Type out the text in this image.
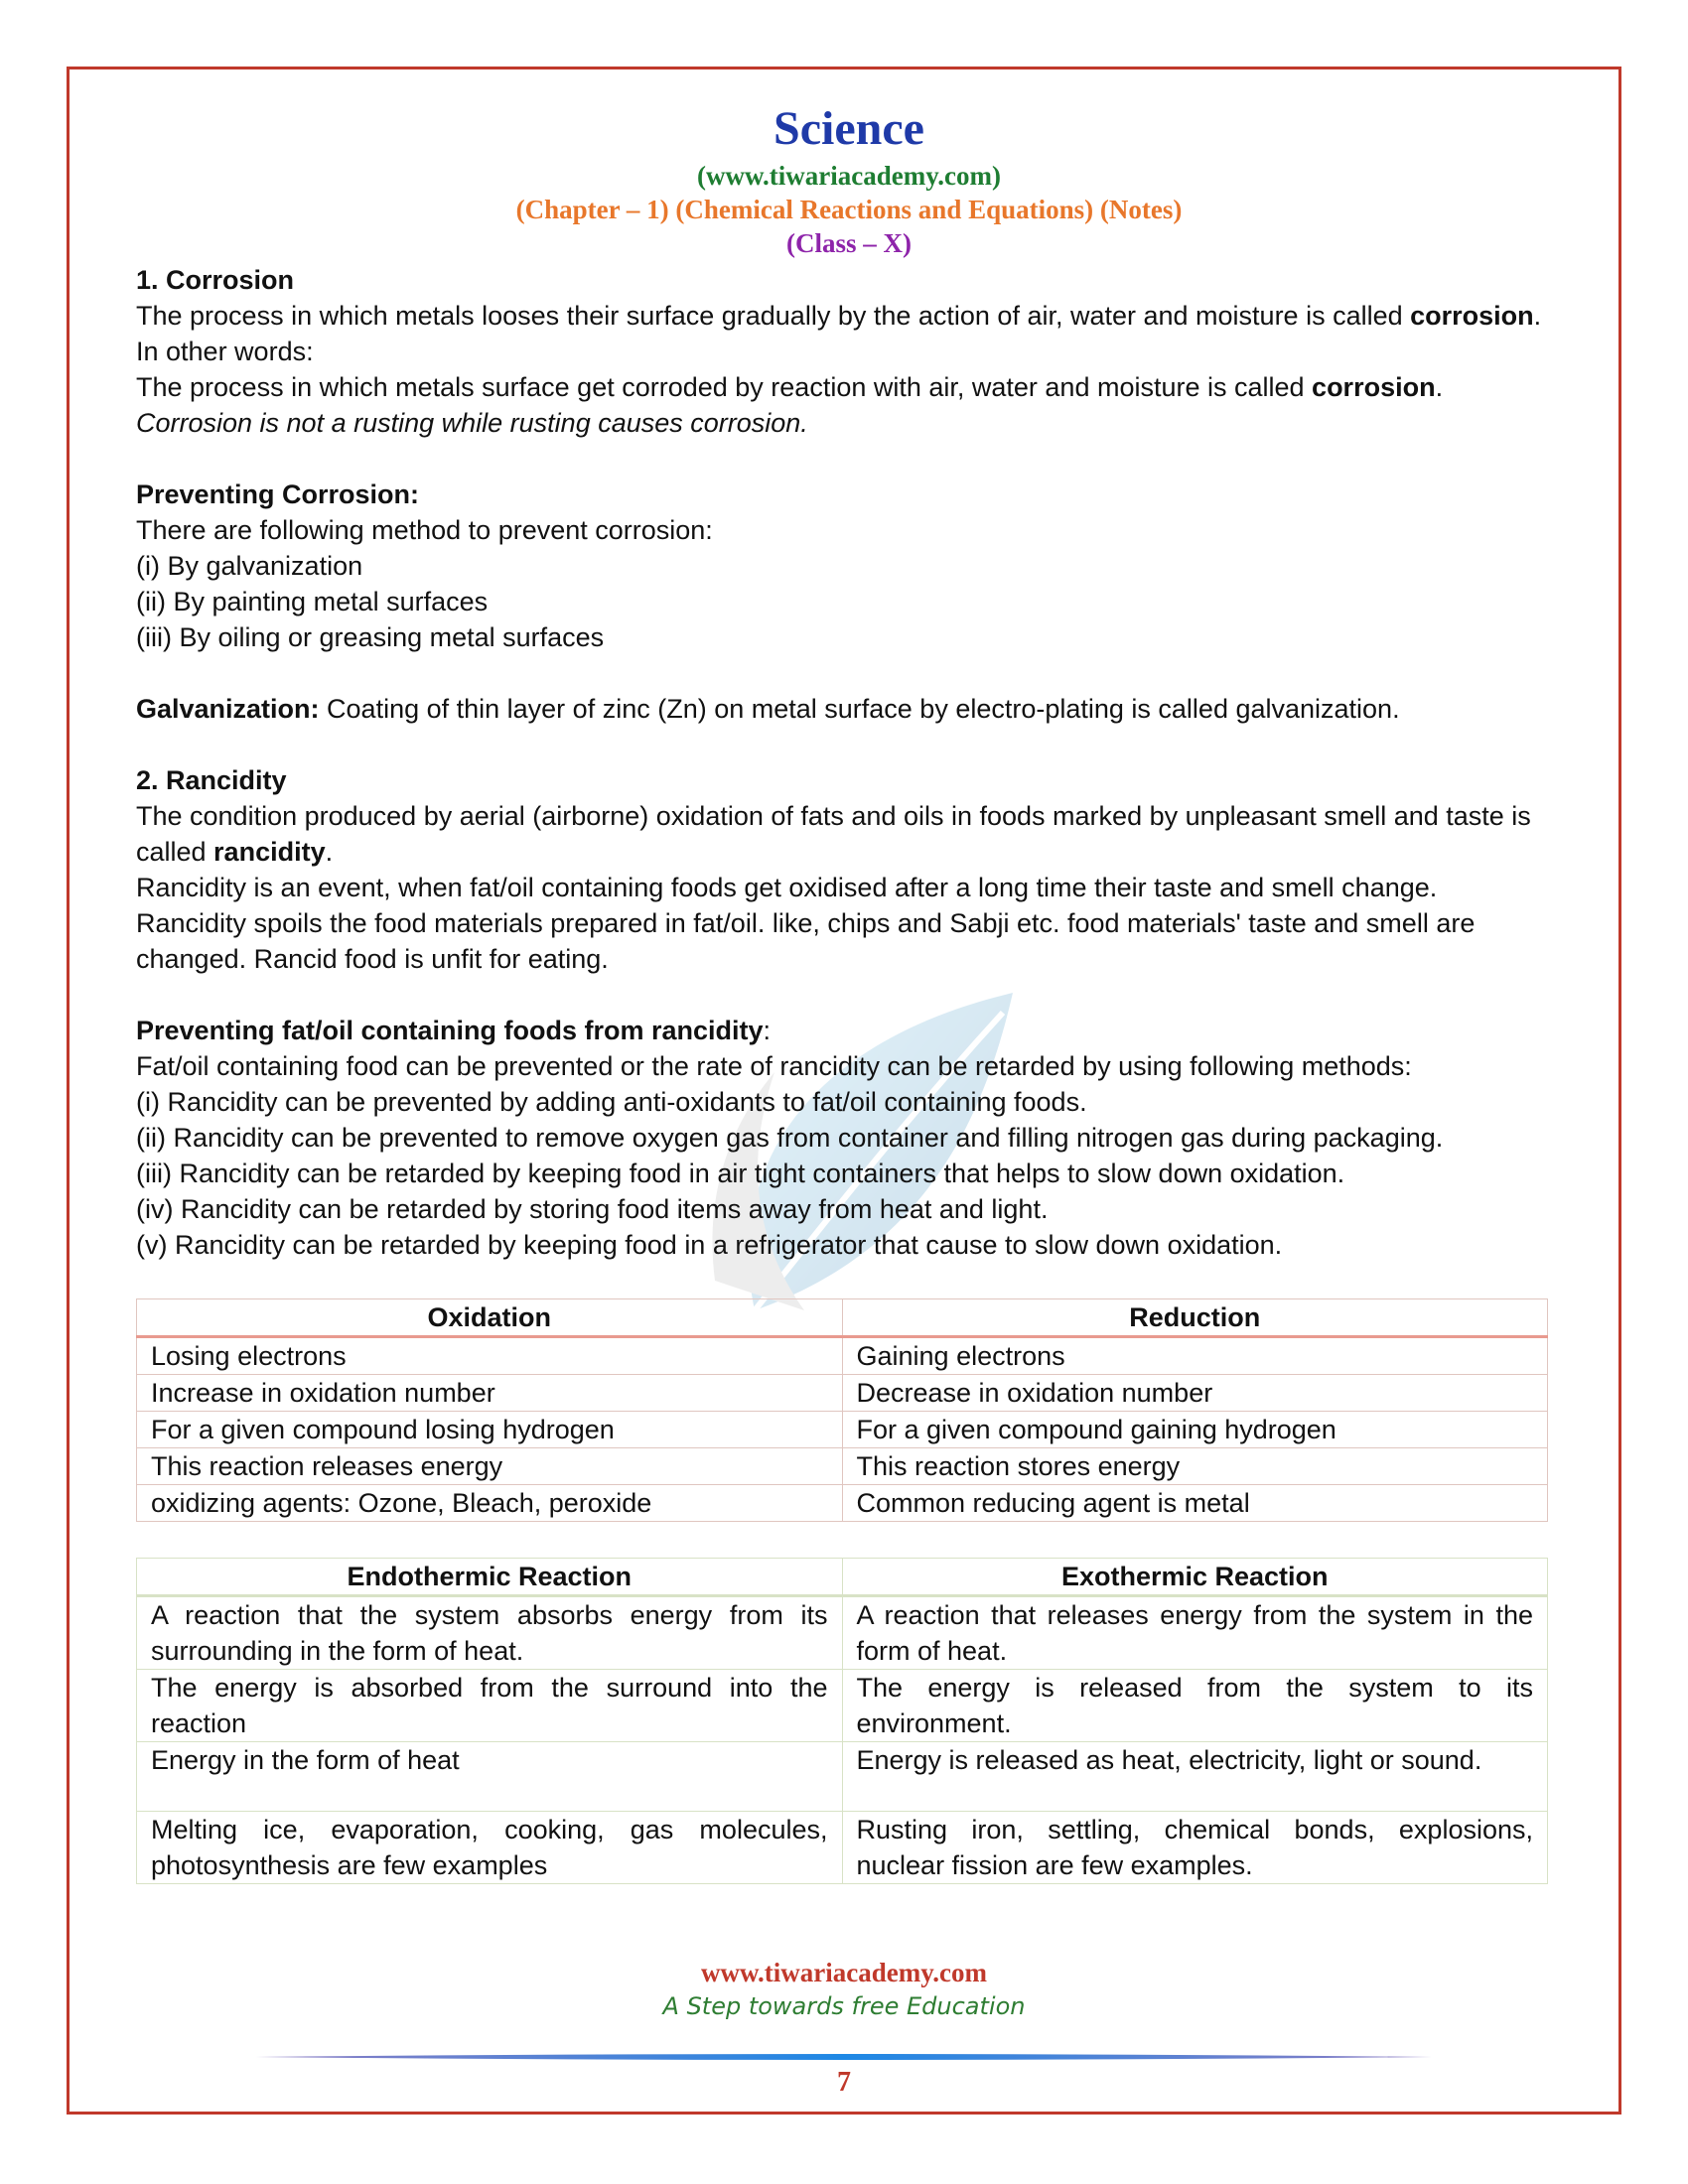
Science
(www.tiwariacademy.com)
(Chapter – 1) (Chemical Reactions and Equations) (Notes)
(Class – X)

1. Corrosion

The process in which metals looses their surface gradually by the action of air, water and moisture is called corrosion.

In other words:

The process in which metals surface get corroded by reaction with air, water and moisture is called corrosion.

Corrosion is not a rusting while rusting causes corrosion.

Preventing Corrosion:

There are following method to prevent corrosion:

(i) By galvanization

(ii) By painting metal surfaces

(iii) By oiling or greasing metal surfaces

Galvanization: Coating of thin layer of zinc (Zn) on metal surface by electro-plating is called galvanization.

2. Rancidity

The condition produced by aerial (airborne) oxidation of fats and oils in foods marked by unpleasant smell and taste is called rancidity.

Rancidity is an event, when fat/oil containing foods get oxidised after a long time their taste and smell change.

Rancidity spoils the food materials prepared in fat/oil. like, chips and Sabji etc. food materials' taste and smell are changed. Rancid food is unfit for eating.

Preventing fat/oil containing foods from rancidity:

Fat/oil containing food can be prevented or the rate of rancidity can be retarded by using following methods:

(i) Rancidity can be prevented by adding anti-oxidants to fat/oil containing foods.

(ii) Rancidity can be prevented to remove oxygen gas from container and filling nitrogen gas during packaging.

(iii) Rancidity can be retarded by keeping food in air tight containers that helps to slow down oxidation.

(iv) Rancidity can be retarded by storing food items away from heat and light.

(v) Rancidity can be retarded by keeping food in a refrigerator that cause to slow down oxidation.

Oxidation	Reduction
Losing electrons	Gaining electrons
Increase in oxidation number	Decrease in oxidation number
For a given compound losing hydrogen	For a given compound gaining hydrogen
This reaction releases energy	This reaction stores energy
oxidizing agents: Ozone, Bleach, peroxide	Common reducing agent is metal
Endothermic Reaction	Exothermic Reaction
A reaction that the system absorbs energy from its surrounding in the form of heat.	A reaction that releases energy from the system in the form of heat.
The energy is absorbed from the surround into the reaction	The energy is released from the system to its environment.
Energy in the form of heat	Energy is released as heat, electricity, light or sound.
Melting ice, evaporation, cooking, gas molecules, photosynthesis are few examples	Rusting iron, settling, chemical bonds, explosions, nuclear fission are few examples.
www.tiwariacademy.com
A Step towards free Education
7
